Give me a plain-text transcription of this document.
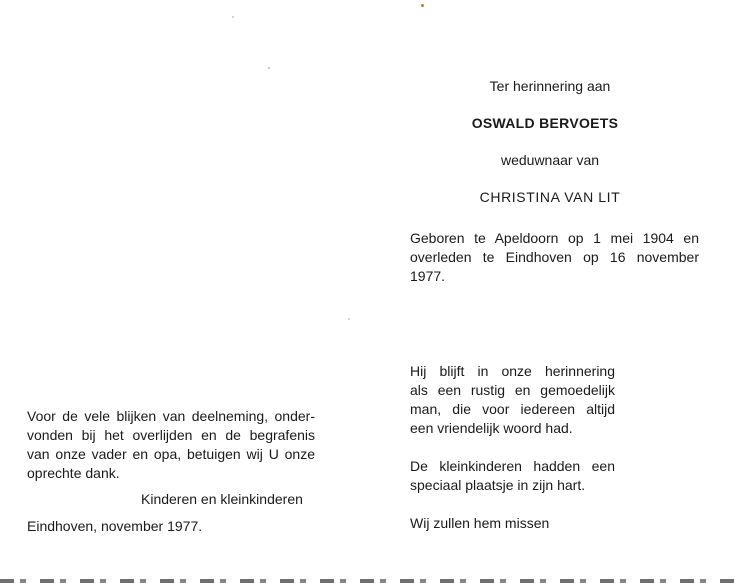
Ter herinnering aan
OSWALD BERVOETS
weduwnaar van
CHRISTINA VAN LIT
Geboren te Apeldoorn op 1 mei 1904 en
overleden te Eindhoven op 16 november
1977.
Hij blijft in onze herinnering
als een rustig en gemoedelijk
man, die voor iedereen altijd
een vriendelijk woord had.
De kleinkinderen hadden een
speciaal plaatsje in zijn hart.
Wij zullen hem missen
Voor de vele blijken van deelneming, onder-
vonden bij het overlijden en de begrafenis
van onze vader en opa, betuigen wij U onze
oprechte dank.
Kinderen en kleinkinderen
Eindhoven, november 1977.
